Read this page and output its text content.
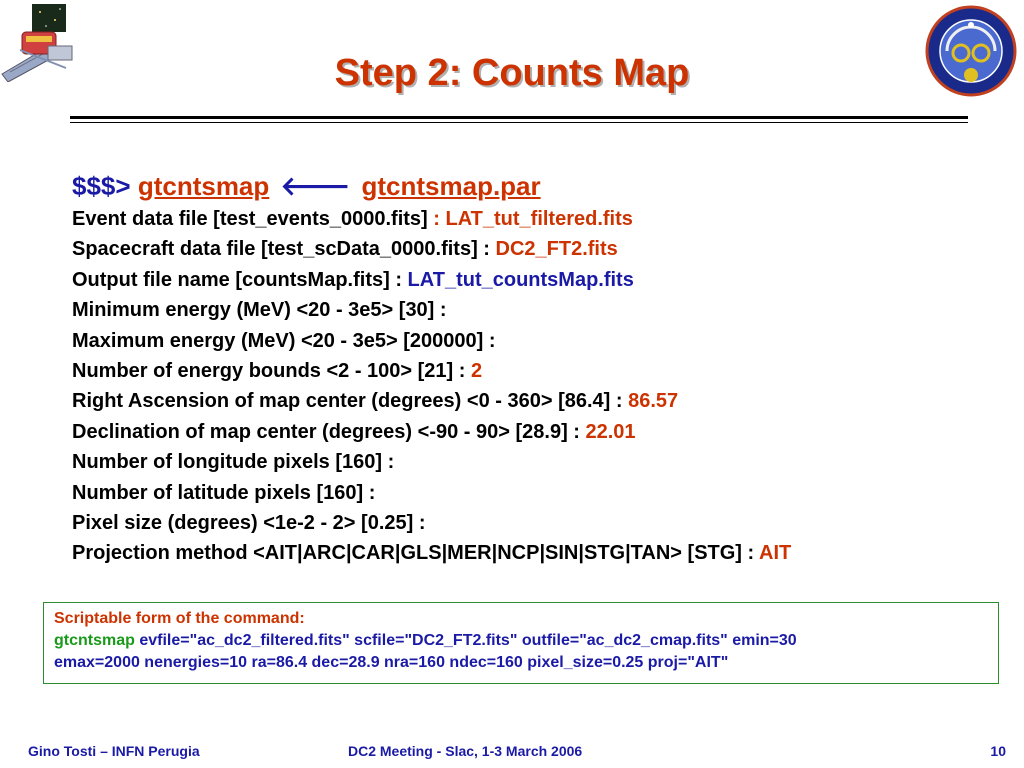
Step 2: Counts Map
$$$> gtcntsmap 🡐 gtcntsmap.par
Event data file [test_events_0000.fits] : LAT_tut_filtered.fits
Spacecraft data file [test_scData_0000.fits] : DC2_FT2.fits
Output file name [countsMap.fits] : LAT_tut_countsMap.fits
Minimum energy (MeV) <20 - 3e5> [30] :
Maximum energy (MeV) <20 - 3e5> [200000] :
Number of energy bounds <2 - 100> [21] : 2
Right Ascension of map center (degrees) <0 - 360> [86.4] : 86.57
Declination of map center (degrees) <-90 - 90> [28.9] : 22.01
Number of longitude pixels [160] :
Number of latitude pixels [160] :
Pixel size (degrees) <1e-2 - 2> [0.25] :
Projection method <AIT|ARC|CAR|GLS|MER|NCP|SIN|STG|TAN> [STG] : AIT
Scriptable form of the command:
gtcntsmap evfile="ac_dc2_filtered.fits" scfile="DC2_FT2.fits" outfile="ac_dc2_cmap.fits" emin=30
emax=2000 nenergies=10 ra=86.4 dec=28.9 nra=160 ndec=160 pixel_size=0.25 proj="AIT"
Gino Tosti – INFN Perugia	DC2 Meeting - Slac, 1-3 March 2006	10
